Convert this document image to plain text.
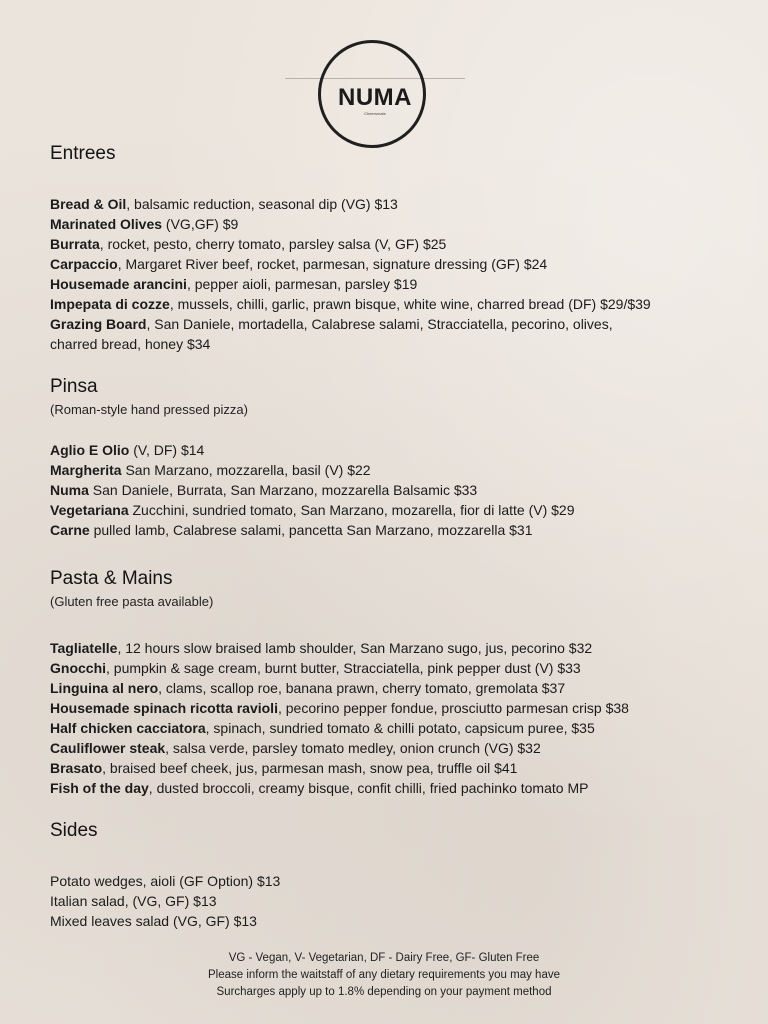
NUMA
Cheersmate
Entrees
Bread & Oil, balsamic reduction, seasonal dip (VG) $13
Marinated Olives (VG,GF) $9
Burrata, rocket, pesto, cherry tomato, parsley salsa (V, GF) $25
Carpaccio, Margaret River beef, rocket, parmesan, signature dressing (GF) $24
Housemade arancini, pepper aioli, parmesan, parsley $19
Impepata di cozze, mussels, chilli, garlic, prawn bisque, white wine, charred bread (DF) $29/$39
Grazing Board, San Daniele, mortadella, Calabrese salami, Stracciatella, pecorino, olives,
charred bread, honey $34
Pinsa
(Roman-style hand pressed pizza)
Aglio E Olio (V, DF) $14
Margherita San Marzano, mozzarella, basil (V) $22
Numa San Daniele, Burrata, San Marzano, mozzarella Balsamic $33
Vegetariana Zucchini, sundried tomato, San Marzano, mozarella, fior di latte (V) $29
Carne pulled lamb, Calabrese salami, pancetta San Marzano, mozzarella $31
Pasta & Mains
(Gluten free pasta available)
Tagliatelle, 12 hours slow braised lamb shoulder, San Marzano sugo, jus, pecorino $32
Gnocchi, pumpkin & sage cream, burnt butter, Stracciatella, pink pepper dust (V) $33
Linguina al nero, clams, scallop roe, banana prawn, cherry tomato, gremolata $37
Housemade spinach ricotta ravioli, pecorino pepper fondue, prosciutto parmesan crisp $38
Half chicken cacciatora, spinach, sundried tomato & chilli potato, capsicum puree, $35
Cauliflower steak, salsa verde, parsley tomato medley, onion crunch (VG) $32
Brasato, braised beef cheek, jus, parmesan mash, snow pea, truffle oil $41
Fish of the day, dusted broccoli, creamy bisque, confit chilli, fried pachinko tomato MP
Sides
Potato wedges, aioli (GF Option) $13
Italian salad, (VG, GF) $13
Mixed leaves salad (VG, GF) $13
VG - Vegan, V- Vegetarian, DF - Dairy Free, GF- Gluten Free
Please inform the waitstaff of any dietary requirements you may have
Surcharges apply up to 1.8% depending on your payment method
